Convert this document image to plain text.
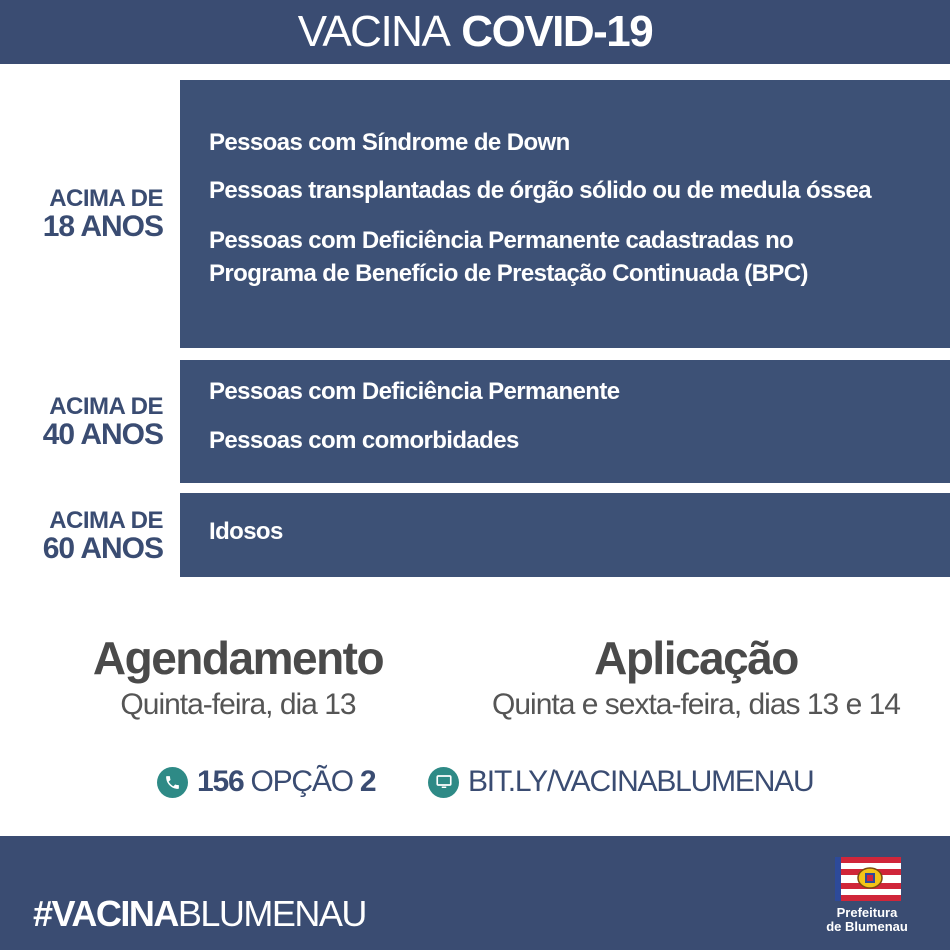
VACINA COVID-19
ACIMA DE
18 ANOS
Pessoas com Síndrome de Down
Pessoas transplantadas de órgão sólido ou de medula óssea
Pessoas com Deficiência Permanente cadastradas no
Programa de Benefício de Prestação Continuada (BPC)
ACIMA DE
40 ANOS
Pessoas com Deficiência Permanente
Pessoas com comorbidades
ACIMA DE
60 ANOS
Idosos
Agendamento
Quinta-feira, dia 13
Aplicação
Quinta e sexta-feira, dias 13 e 14
156 OPÇÃO 2	BIT.LY/VACINABLUMENAU
#VACINABLUMENAU	Prefeitura
de Blumenau
